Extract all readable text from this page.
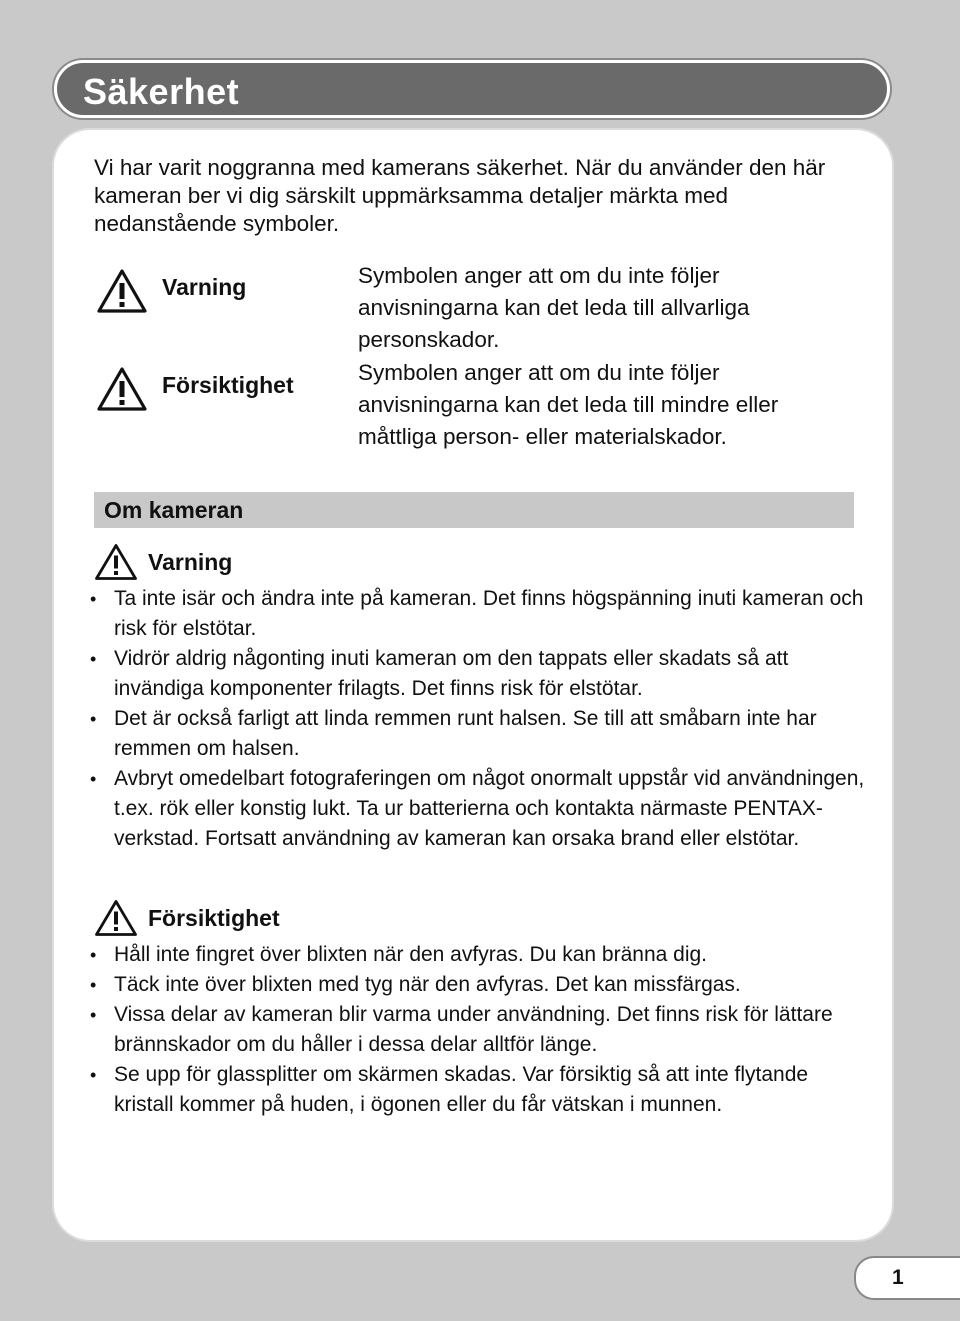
Säkerhet
Vi har varit noggranna med kamerans säkerhet. När du använder den här kameran ber vi dig särskilt uppmärksamma detaljer märkta med nedanstående symboler.
Varning	Symbolen anger att om du inte följer anvisningarna kan det leda till allvarliga personskador.
Försiktighet	Symbolen anger att om du inte följer anvisningarna kan det leda till mindre eller måttliga person- eller materialskador.
Om kameran
Varning
• Ta inte isär och ändra inte på kameran. Det finns högspänning inuti kameran och risk för elstötar.
• Vidrör aldrig någonting inuti kameran om den tappats eller skadats så att invändiga komponenter frilagts. Det finns risk för elstötar.
• Det är också farligt att linda remmen runt halsen. Se till att småbarn inte har remmen om halsen.
• Avbryt omedelbart fotograferingen om något onormalt uppstår vid användningen, t.ex. rök eller konstig lukt. Ta ur batterierna och kontakta närmaste PENTAX-verkstad. Fortsatt användning av kameran kan orsaka brand eller elstötar.
Försiktighet
• Håll inte fingret över blixten när den avfyras. Du kan bränna dig.
• Täck inte över blixten med tyg när den avfyras. Det kan missfärgas.
• Vissa delar av kameran blir varma under användning. Det finns risk för lättare brännskador om du håller i dessa delar alltför länge.
• Se upp för glassplitter om skärmen skadas. Var försiktig så att inte flytande kristall kommer på huden, i ögonen eller du får vätskan i munnen.
1
